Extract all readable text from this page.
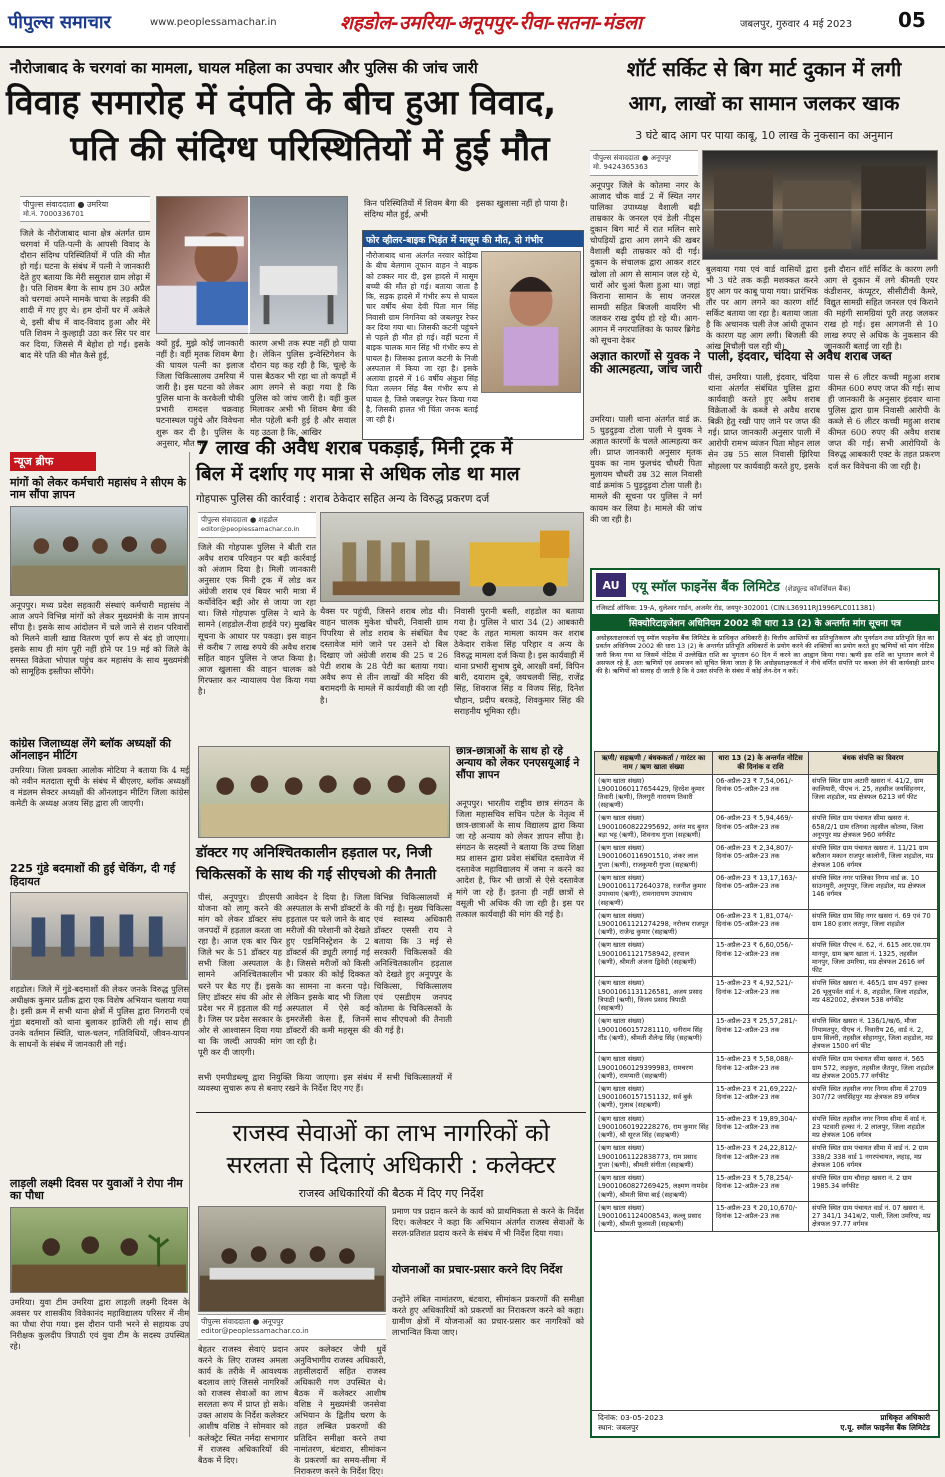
पीपुल्स समाचार	www.peoplessamachar.in	शहडोल-उमरिया-अनूपपुर-रीवा-सतना-मंडला	जबलपुर, गुरुवार 4 मई 2023 05
नौरोजाबाद के चरगवां का मामला, घायल महिला का उपचार और पुलिस की जांच जारी
विवाह समारोह में दंपति के बीच हुआ विवाद,
पति की संदिग्ध परिस्थितियों में हुई मौत
पीपुल्स संवाददाता ● उमरिया
मो.नं. 7000336701
जिले के नौरोजाबाद थाना क्षेत्र अंतर्गत ग्राम चरगवां में पति-पत्नी के आपसी विवाद के दौरान संदिग्ध परिस्थितियों में पति की मौत हो गई। घटना के संबंध में पत्नी ने जानकारी देते हुए बताया कि मेरी ससुराल ग्राम लोढ़ा में है। पति शिवम बैगा के साथ हम 30 अप्रैल को चरगवां अपने मामके चाचा के लड़की की शादी में गए हुए थे। हम दोनों घर में अकेले थे, इसी बीच में वाद-विवाद हुआ और मेरे पति शिवम ने कुल्हाड़ी उठा कर सिर पर वार कर दिया, जिससे मैं बेहोश हो गई। इसके बाद मेरे पति की मौत कैसे हुई,
क्यों हुई, मुझे कोई जानकारी नहीं है। वहीं मृतक शिवम बैगा की घायल पत्नी का इलाज जिला चिकित्सालय उमरिया में जारी है। इस घटना को लेकर पुलिस थाना के करकेली चौकी प्रभारी रामदत्त चक्रवाह घटनास्थल पहुंचे और विवेचना शुरू कर दी है। पुलिस के अनुसार, मौत का
कारण अभी तक स्पष्ट नहीं हो पाया है। लेकिन पुलिस इन्वेस्टिगेशन के दौरान यह कह रही है कि, चूल्हे के पास बैठकर भी रहा था तो कपड़ों में आग लगने से कहा गया है कि पुलिस को जांच जारी है। वहीं कुल मिलाकर अभी भी शिवम बैगा की मौत पहेली बनी हुई है और सवाल यह उठता है कि, आखिर
किन परिस्थितियों में शिवम बैगा की संदिग्ध मौत हुई, अभी
इसका खुलासा नहीं हो पाया है।
फोर व्हीलर-बाइक भिड़ंत में मासूम की मौत, दो गंभीर
नौरोजाबाद थाना अंतर्गत नरवार कोड़िया के बीच बेलगाम तूफान वाहन ने बाइक को टक्कर मार दी, इस हादसे में मासूम बच्ची की मौत हो गई। बताया जाता है कि, सड़क हादसे में गंभीर रूप से घायल चार वर्षीय श्रेया देवी पिता मान सिंह निवासी ग्राम निगनिया को जबलपुर रेफर कर दिया गया था। जिसकी कटनी पहुंचने से पहले ही मौत हो गई। वहीं घटना में बाइक चालक मान सिंह भी गंभीर रूप से घायल है। जिसका इलाज कटनी के निजी अस्पताल में किया जा रहा है। इसके अलावा हादसे में 16 वर्षीय अंकुश सिंह पिता लल्लन सिंह बैस गंभीर रूप से घायल है, जिसे जबलपुर रेफर किया गया है, जिसकी हालत भी चिंता जनक बताई जा रही है।
शॉर्ट सर्किट से बिग मार्ट दुकान में लगी
आग, लाखों का सामान जलकर खाक
3 घंटे बाद आग पर पाया काबू, 10 लाख के नुकसान का अनुमान
पीपुल्स संवाददाता ● अनूपपुर
मो. 9424365363
अनूपपुर जिले के कोतमा नगर के आजाद चौक वार्ड 2 में स्थित नगर पालिका उपाध्यक्ष वैशाली बढ़ी ताम्रकार के जनरल एवं डेली नीड्स दुकान बिग मार्ट में रात मलिन सारे चोपड़ियों द्वारा आग लगने की खबर वैशाली बढ़ी ताम्रकार को दी गई। दुकान के संचालक द्वारा आकर शटर खोला तो आग से सामान जल रहे थे, चारों ओर धुआं फैला हुआ था। जहां किराना सामान के साथ जनरल सामग्री सहित बिजली वायरिंग भी जलकर राख दुर्घय हो रहे थी। आग-आगन में नगरपालिका के फायर ब्रिगेड को सूचना देकर
बुलवाया गया एवं वार्ड वासियों द्वारा भी 3 घंटे तक कड़ी मशक्कत करने हुए आग पर काबू पाया गया। प्रारंभिक तौर पर आग लगने का कारण शॉर्ट सर्किट बताया जा रहा है। बताया जाता है कि अचानक चली तेज आंधी तूफान के कारण यह आग लगी। बिजली की आंख मिचौली चल रही थी।
इसी दौरान शॉर्ट सर्किट के कारण लगी आग से दुकान में लगे कीमती एयर कंडीशनर, कंप्यूटर, सीसीटीवी कैमरे, विद्युत सामग्री सहित जनरल एवं किराने की महंगी सामग्रियां पूरी तरह जलकर राख हो गई। इस आगजनी से 10 लाख रुपए से अधिक के नुकसान की जानकारी बताई जा रही है।
अज्ञात कारणों से युवक ने की आत्महत्या, जांच जारी
उमरिया। पाली थाना अंतर्गत वार्ड क्र. 5 घुड़दुड़वा टोला पाली मे युवक ने अज्ञात कारणों के चलते आत्महत्या कर ली। प्राप्त जानकारी अनुसार मृतक युवक का नाम फुलचंद चौधरी पिता मुलायम चौधरी उम्र 32 साल निवासी वार्ड क्रमांक 5 घुड़दुड़वा टोला पाली है। मामले की सूचना पर पुलिस ने मर्ग कायम कर लिया है। मामले की जांच की जा रही है।
पाली, इंदवार, चंदिया से अवैध शराब जब्त
पीसं, उमरिया। पाली, इंदवार, चंदिया थाना अंतर्गत संबंधित पुलिस द्वारा कार्यवाही करते हुए अवैध शराब विक्रेताओं के कब्जे से अवैध शराब बिक्री हेतु रखी पाए जाने पर जप्त की गई। प्राप्त जानकारी अनुसार पाली में आरोपी रामभ व्यंजन पिता मोहन लाल सेन उम्र 55 साल निवासी झिरिया मोहल्ला पर कार्यवाही करते हुए, इसके पास से 6 लीटर कच्ची महुआ शराब कीमत 600 रुपए जप्त की गई। साथ ही जानकारी के अनुसार इंदवार थाना पुलिस द्वारा ग्राम निवासी आरोपी के कब्जे से 6 लीटर कच्ची महुआ शराब कीमत 600 रुपए की अवैध शराब जप्त की गई। सभी आरोपियों के विरुद्ध आबकारी एक्ट के तहत प्रकरण दर्ज कर विवेचना की जा रही है।
न्यूज ब्रीफ
मांगों को लेकर कर्मचारी महासंघ ने सीएम के नाम सौंपा ज्ञापन
अनूपपुर। मध्य प्रदेश सहकारी संस्थाएं कर्मचारी महासंघ ने आज अपने विभिन्न मांगों को लेकर मुख्यमंत्री के नाम ज्ञापन सौंपा है। इसके साथ आंदोलन में चले जाने से राशन परिवारों को मिलने वाली खाद्य वितरण पूर्ण रूप से बंद हो जाएगा। इसके साथ ही मांग पूरी नहीं होने पर 19 मई को जिले के समस्त विक्रेता भोपाल पहुंच कर महासंघ के साथ मुख्यमंत्री को सामूहिक इस्तीफा सौंपेंगे।
कांग्रेस जिलाध्यक्ष लेंगे ब्लॉक अध्यक्षों की ऑनलाइन मीटिंग
उमरिया। जिला प्रवक्ता आलोक मोटिया ने बताया कि 4 मई को नवीन मतदाता सूची के संबंध में बीएलए, ब्लॉक अध्यक्षों व मंडलम सेक्टर अध्यक्षों की ऑनलाइन मीटिंग जिला कांग्रेस कमेटी के अध्यक्ष अजय सिंह द्वारा ली जाएगी।
225 गुंडे बदमाशों की हुई चेकिंग, दी गई हिदायत
शहडोल। जिले में गुंडे-बदमाशों की लेकर जनके विरुद्ध पुलिस अधीक्षक कुमार प्रतीक द्वारा एक विशेष अभियान चलाया गया है। इसी क्रम में सभी थाना क्षेत्रों में पुलिस द्वारा निगरानी एवं गुंडा बदमाशों को थाना बुलाकर हाजिरी ली गई। साथ ही उनके वर्तमान स्थिति, चाल-चलन, गतिविधियों, जीवन-यापन के साधनों के संबंध में जानकारी ली गई।
लाड़ली लक्ष्मी दिवस पर युवाओं ने रोपा नीम का पौधा
उमरिया। युवा टीम उमरिया द्वारा लाड़ली लक्ष्मी दिवस के अवसर पर शासकीय विवेकानंद महाविद्यालय परिसर में नीम का पौधा रोपा गया। इस दौरान पानी भरने से सहायक उप निरीक्षक कुलदीप त्रिपाठी एवं युवा टीम के सदस्य उपस्थित रहे।
7 लाख की अवैध शराब पकड़ाई, मिनी ट्रक में
बिल में दर्शाए गए मात्रा से अधिक लोड था माल
गोहपारू पुलिस की कार्रवाई : शराब ठेकेदार सहित अन्य के विरुद्ध प्रकरण दर्ज
पीपुल्स संवाददाता ● शहडोल
editor@peoplessamachar.co.in
जिले की गोहपारू पुलिस ने बीती रात अवैध शराब परिवहन पर बड़ी कार्रवाई को अंजाम दिया है। मिली जानकारी अनुसार एक मिनी ट्रक में लोड कर अंग्रेजी शराब एवं बियर भारी मात्रा में कर्योवेदिन बड़ी ओर से जाया जा रहा था। जिसे गोहपारू पुलिस ने थाने के सामने (शहडोल-रीवा हाईवे पर) मुखबिर सूचना के आधार पर पकड़ा। इस वाहन से करीब 7 लाख रुपये की अवैध शराब सहित वाहन पुलिस ने जप्त किया है। आज खुलासा की वाहन चालक को गिरफ्तार कर न्यायालय पेश किया गया है।
थैक्स पर पहुंची, जिसने शराब लोड थी। वाहन चालक मुकेश चौधरी, निवासी ग्राम पिपरिया से लोड शराब के संबंधित वैध दस्तावेज मांगे जाने पर उसने दो बिल दिखाए जो अंग्रेजी शराब की 25 व 26 पेटी शराब के 28 पेटी का बताया गया। अवैध रूप से तीन लाखों की मदिरा की बरामदगी के मामले में कार्यवाही की जा रही है।
निवासी पुरानी बस्ती, शहडोल का बताया गया है। पुलिस ने धारा 34 (2) आबकारी एक्ट के तहत मामला कायम कर शराब ठेकेदार राकेश सिंह परिहार व अन्य के विरुद्ध मामला दर्ज किया है। इस कार्यवाही में थाना प्रभारी सुभाष दुबे, आरक्षी वर्मा, विपिन बारी, दयाराम दुबे, जयचलवी सिंह, राजेंद्र सिंह, शिवराज सिंह व विजय सिंह, दिनेश चौहान, प्रदीप बरकड़े, शिवकुमार सिंह की सराहनीय भूमिका रही।
छात्र-छात्राओं के साथ हो रहे अन्याय को लेकर एनएसयूआई ने सौंपा ज्ञापन
अनूपपुर। भारतीय राष्ट्रीय छात्र संगठन के जिला महासचिव सचिन पटेल के नेतृत्व में छात्र-छात्राओं के साथ विद्यालय द्वारा किया जा रहे अन्याय को लेकर ज्ञापन सौंपा है। संगठन के सदस्यों ने बताया कि उच्च शिक्षा मप्र शासन द्वारा प्रवेश संबंधित दस्तावेज में दस्तावेज महाविद्यालय में जमा न करने का आदेश है, फिर भी छात्रों से ऐसे दस्तावेज मांगे जा रहे हैं। इतना ही नहीं छात्रों से वसूली भी अधिक की जा रही है। इस पर तत्काल कार्यवाही की मांग की गई है।
डॉक्टर गए अनिश्चितकालीन हड़ताल पर, निजी
चिकित्सकों के साथ की गई सीएचओ की तैनाती
पीसं, अनूपपुर। डीएसपी योजना को लागू करने की मांग को लेकर डॉक्टर संघ जनपदों में हड़ताल करता जा रहा है। आज एक बार फिर जिले भर के 51 डॉक्टर यह सभी जिला अस्पताल के सामने अनिश्चितकालीन धरने पर बैठ गए हैं। इसके लिए डॉक्टर संघ की ओर से प्रदेश भर में हड़ताल की गई है। जिस पर प्रदेश सरकार के ओर से आश्वासन दिया गया था कि जल्दी आपकी मांग पूरी कर दी जाएगी।
आवेदन दे दिया है। जिला अस्पताल के सभी डॉक्टरों के हड़ताल पर चले जाने के बाद मरीजों की परेशानी को देखते हुए एडमिनिस्ट्रेशन के 2 डॉक्टर्स की ड्यूटी लगाई गई है। जिससे मरीजों को किसी भी प्रकार की कोई दिक्कत का सामना ना करना पड़े। लेकिन इसके बाद भी जिला अस्पताल में ऐसे कई इमरजेंसी केस हैं, जिनमें डॉक्टरों की कमी महसूस की जा रही है।
विभिन्न चिकित्सालयों में की गई है। मुख्य चिकित्सा एवं स्वास्थ्य अधिकारी डॉक्टर एससी राय ने बताया कि 3 मई से सरकारी चिकित्सकों की अनिश्चितकालीन हड़ताल को देखते हुए अनूपपुर के चिकित्सा, चिकित्सालय एवं एसडीएम जनपद कोतमा के चिकित्सकों के साथ सीएचओ की तैनाती की गई है।
सभी एमपीडब्ल्यू द्वारा नियुक्ति किया जाएगा। इस संबंध में सभी चिकित्सालयों में व्यवस्था सुचारू रूप से बनाए रखने के निर्देश दिए गए हैं।
राजस्व सेवाओं का लाभ नागरिकों को
सरलता से दिलाएं अधिकारी : कलेक्टर
राजस्व अधिकारियों की बैठक में दिए गए निर्देश
पीपुल्स संवाददाता ● अनूपपुर
editor@peoplessamachar.co.in
बेहतर राजस्व सेवाएं प्रदान करने के लिए राजस्व अमला कार्य के तरीके में आवश्यक बदलाव लाएं जिससे नागरिकों को राजस्व सेवाओं का लाभ सरलता रूप में प्राप्त हो सके। उक्त आशय के निर्देश कलेक्टर आशीष वशिष्ठ ने सोमवार को कलेक्ट्रेट स्थित नर्मदा सभागार में राजस्व अधिकारियों की बैठक में दिए।
अपर कलेक्टर जेपी धुर्वे अनुविभागीय राजस्व अधिकारी, तहसीलदारों सहित राजस्व अधिकारी गण उपस्थित थे। बैठक में कलेक्टर आशीष वशिष्ठ ने मुख्यमंत्री जनसेवा अभियान के द्वितीय चरण के तहत लम्बित प्रकरणों की प्रतिदिन समीक्षा करने तथा नामांतरण, बंटवारा, सीमांकन के प्रकरणों का समय-सीमा में निराकरण करने के निर्देश दिए।
प्रमाण पत्र प्रदान करने के कार्य को प्राथमिकता से करने के निर्देश दिए। कलेक्टर ने कहा कि अभियान अंतर्गत राजस्व सेवाओं के सरल-प्रतिशत प्रदाय करने के संबंध में भी निर्देश दिया गया।
योजनाओं का प्रचार-प्रसार करने दिए निर्देश
उन्होंने लंबित नामांतरण, बंटवारा, सीमांकन प्रकरणों की समीक्षा करते हुए अधिकारियों को प्रकरणों का निराकरण करने को कहा। ग्रामीण क्षेत्रों में योजनाओं का प्रचार-प्रसार कर नागरिकों को लाभान्वित किया जाए।
AU एयू स्मॉल फाइनेंस बैंक लिमिटेड (शेड्यूल्ड कॉमर्शियल बैंक)
रजिस्टर्ड ऑफिस: 19-A, धुलेश्वर गार्डन, अजमेर रोड, जयपुर-302001 (CIN:L36911RJ1996PLC011381)
सिक्योरिटाइजेशन अधिनियम 2002 की धारा 13 (2) के अन्तर्गत मांग सूचना पत्र
अधोहस्ताक्षरकर्ता एयू स्मॉल फाइनेंस बैंक लिमिटेड के प्राधिकृत अधिकारी है। वित्तीय आस्तियों का प्रतिभूतिकरण और पुनर्गठन तथा प्रतिभूति हित का प्रवर्तन अधिनियम 2002 की धारा 13 (2) के अन्तर्गत प्रतिभूति अधिकारों के प्रयोग करने की शक्तियों का प्रयोग करते हुए ऋणियों को मांग नोटिस जारी किया गया था जिसमें नोटिस में उल्लेखित राशि का भुगतान 60 दिन में करने का आह्वान किया गया। ऋणी इस राशि का भुगतान करने में असफल रहे हैं, अतः ऋणियों एवं आमजन को सूचित किया जाता है कि अधोहस्ताक्षरकर्ता ने नीचे वर्णित संपत्ति पर कब्जा लेने की कार्यवाही प्रारंभ की है। ऋणियों को सलाह दी जाती है कि वे उक्त संपत्ति के संबंध में कोई लेन-देन न करें।
ऋणी/ सहऋणी / बंधककर्ता / गारंटर का नाम / ऋण खाता संख्या	धारा 13 (2) के अन्तर्गत नोटिस की दिनांक व राशि	बंधक संपत्ति का विवरण
(ऋण खाता संख्या) L9001060117654429, हिरदेश कुमार तिवारी (ऋणी), तिलगुरी नारायण तिवारी (सहऋणी)	06-अप्रैल-23 ₹ 7,54,061/- दिनांक 05-अप्रैल-23 तक	संपत्ति स्थित ग्राम अटारी खसरा नं. 41/2, ग्राम कालियारी, पीएच नं. 25, तहसील जयसिंहनगर, जिला शहडोल, मप्र क्षेत्रफल 6213 वर्ग फीट
(ऋण खाता संख्या) L9001060822295692, अनंत मद बुनत बड़ा भट्ट (ऋणी), शिवनाथ गुप्ता (सहऋणी)	06-अप्रैल-23 ₹ 5,94,469/- दिनांक 05-अप्रैल-23 तक	संपत्ति स्थित ग्राम पंचायत सीमा खसरा नं. 658/2/1 ग्राम रतिगवा तहसील कोतमा, जिला अनूपपुर मप्र क्षेत्रफल 960 वर्गफीट
(ऋण खाता संख्या) L9001060116901510, शंकर लाल गुप्ता (ऋणी), राजकुमारी गुप्ता (सहऋणी)	06-अप्रैल-23 ₹ 2,34,807/- दिनांक 05-अप्रैल-23 तक	संपत्ति स्थित ग्राम पंचायत खसरा नं. 11/21 ग्राम बरौलान मकान राजपुर कालोनी, जिला शहडोल, मप्र क्षेत्रफल 106 वर्गमत्र
(ऋण खाता संख्या) L9001061172640378, रजनीश कुमार उपाध्याय (ऋणी), रामनारायण उपाध्याय (सहऋणी)	06-अप्रैल-23 ₹ 13,17,163/- दिनांक 05-अप्रैल-23 तक	संपत्ति स्थित नगर पालिका निगम वार्ड क्र. 10 साउनमुरी, अनूपपुर, जिला शहडोल, मप्र क्षेत्रफल 146 वर्गमत्र
(ऋण खाता संख्या) L9001061121274298, नरोत्तम राजपूत (ऋणी), राजेन्द्र कुमार (सहऋणी)	06-अप्रैल-23 ₹ 1,81,074/- दिनांक 05-अप्रैल-23 तक	संपत्ति स्थित ग्राम सिंह नगर खसरा नं. 69 एवं 70 ग्राम 180 हजार लतपुर, जिला शहडोल
(ऋण खाता संख्या) L9001061121758942, हरपाल (ऋणी), श्रीमती अंजना द्विवेदी (सहऋणी)	15-अप्रैल-23 ₹ 6,60,056/- दिनांक 12-अप्रैल-23 तक	संपत्ति स्थित पीएच नं. 62, नं. 615 आर.एस.एम मानपुर, ग्राम ऋण खाता नं. 1325, तहसील मानपुर, जिला उमरिया, मप्र क्षेत्रफल 2616 वर्ग फीट
(ऋण खाता संख्या) L9001061131126581, अजय प्रसाद त्रिपाठी (ऋणी), विजय प्रसाद त्रिपाठी (सहऋणी)	15-अप्रैल-23 ₹ 4,92,521/- दिनांक 12-अप्रैल-23 तक	संपत्ति स्थित खसरा नं. 465/1 ग्राम 497 हल्का 26 भूलूपर्वत वार्ड नं. 8, शहडोल, जिला शहडोल, मप्र 482002, क्षेत्रफल 538 वर्गफीट
(ऋण खाता संख्या) L9001060157281110, धनीराम सिंह गौंड (ऋणी), श्रीमती शैलेन्द्र सिंह (सहऋणी)	15-अप्रैल-23 ₹ 25,57,281/- दिनांक 12-अप्रैल-23 तक	संपत्ति स्थित खसरा नं. 136/1/ख/6, मौजा नियामतपुर, पीएच नं. निवारीय 26, वार्ड नं. 2, ग्राम सिलरी, तहसील सोहागपुर, जिला शहडोल, मप्र क्षेत्रफल 1500 वर्ग फीट
(ऋण खाता संख्या) L9001060129399983, रामचरण (ऋणी), रामप्यारी (सहऋणी)	15-अप्रैल-23 ₹ 5,58,088/- दिनांक 12-अप्रैल-23 तक	संपत्ति स्थित ग्राम पंचायत सीमा खसरा नं. 565 ग्राम 572, लड़कुरा, तहसील जैतपुर, जिला शहडोल मप्र क्षेत्रफल 2005.77 वर्गफीट
(ऋण खाता संख्या) L9001060157151132, सर्व बुर्क (ऋणी), गुलाब (सहऋणी)	15-अप्रैल-23 ₹ 21,69,222/- दिनांक 12-अप्रैल-23 तक	संपत्ति स्थित तहसील नगर निगम सीमा में 2709 307/72 जयसिंहपुर मप्र क्षेत्रफल 89 वर्गमत्र
(ऋण खाता संख्या) L9001060192228276, राम कुमार सिंह (ऋणी), श्री सूरज सिंह (सहऋणी)	15-अप्रैल-23 ₹ 19,89,304/- दिनांक 12-अप्रैल-23 तक	संपत्ति स्थित तहसील नगर निगम सीमा में वार्ड नं. 23 पटवारी हल्का नं. 2 लालपुर, जिला शहडोल मप्र क्षेत्रफल 106 वर्गमत्र
(ऋण खाता संख्या) L9001061122838773, राम प्रसाद गुप्ता (ऋणी), श्रीमती संगीता (सहऋणी)	15-अप्रैल-23 ₹ 24,22,812/- दिनांक 12-अप्रैल-23 तक	संपत्ति स्थित ग्राम पंचायत सीमा में वार्ड नं. 2 ग्राम 338/2 338 वार्ड 1 नगरपंचायत, लहाड़, मप्र क्षेत्रफल 106 वर्गमत्र
(ऋण खाता संख्या) L9001060827269425, लक्ष्मण नामदेव (ऋणी), श्रीमती सिया बाई (सहऋणी)	15-अप्रैल-23 ₹ 5,78,254/- दिनांक 12-अप्रैल-23 तक	संपत्ति स्थित ग्राम चौराहा खसरा नं. 2 ग्राम 1985.34 वर्गफीट
(ऋण खाता संख्या) L9001061124008543, कल्लू प्रसाद (ऋणी), श्रीमती फूलमती (सहऋणी)	15-अप्रैल-23 ₹ 20,10,670/- दिनांक 12-अप्रैल-23 तक	संपत्ति स्थित ग्राम पंचायत वार्ड नं. 07 खसरा नं. 27 341/1 341ब/2, पाली, जिला उमरिया, मप्र क्षेत्रफल 97.77 वर्गमत्र
दिनांक: 03-05-2023
स्थान: जबलपुर
प्राधिकृत अधिकारी
ए.यू. स्मॉल फाइनेंस बैंक लिमिटेड
